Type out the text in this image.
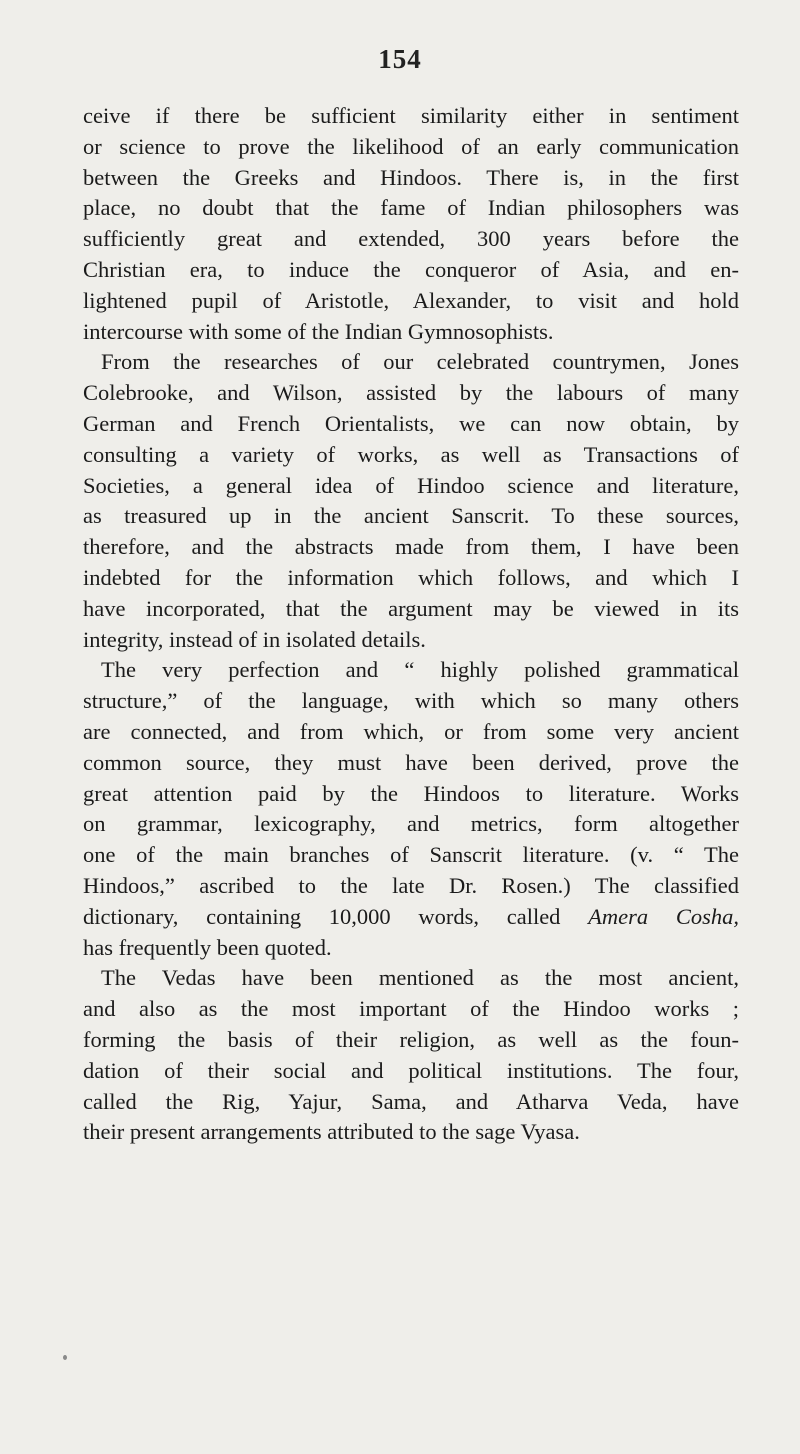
154

ceive if there be sufficient similarity either in sentiment
or science to prove the likelihood of an early communication
between the Greeks and Hindoos. There is, in the first
place, no doubt that the fame of Indian philosophers was
sufficiently great and extended, 300 years before the
Christian era, to induce the conqueror of Asia, and en-
lightened pupil of Aristotle, Alexander, to visit and hold
intercourse with some of the Indian Gymnosophists.

From the researches of our celebrated countrymen, Jones
Colebrooke, and Wilson, assisted by the labours of many
German and French Orientalists, we can now obtain, by
consulting a variety of works, as well as Transactions of
Societies, a general idea of Hindoo science and literature,
as treasured up in the ancient Sanscrit. To these sources,
therefore, and the abstracts made from them, I have been
indebted for the information which follows, and which I
have incorporated, that the argument may be viewed in its
integrity, instead of in isolated details.

The very perfection and “ highly polished grammatical
structure,” of the language, with which so many others
are connected, and from which, or from some very ancient
common source, they must have been derived, prove the
great attention paid by the Hindoos to literature. Works
on grammar, lexicography, and metrics, form altogether
one of the main branches of Sanscrit literature. (v. “ The
Hindoos,” ascribed to the late Dr. Rosen.) The classified
dictionary, containing 10,000 words, called Amera Cosha,
has frequently been quoted.

The Vedas have been mentioned as the most ancient,
and also as the most important of the Hindoo works ;
forming the basis of their religion, as well as the foun-
dation of their social and political institutions. The four,
called the Rig, Yajur, Sama, and Atharva Veda, have
their present arrangements attributed to the sage Vyasa.
